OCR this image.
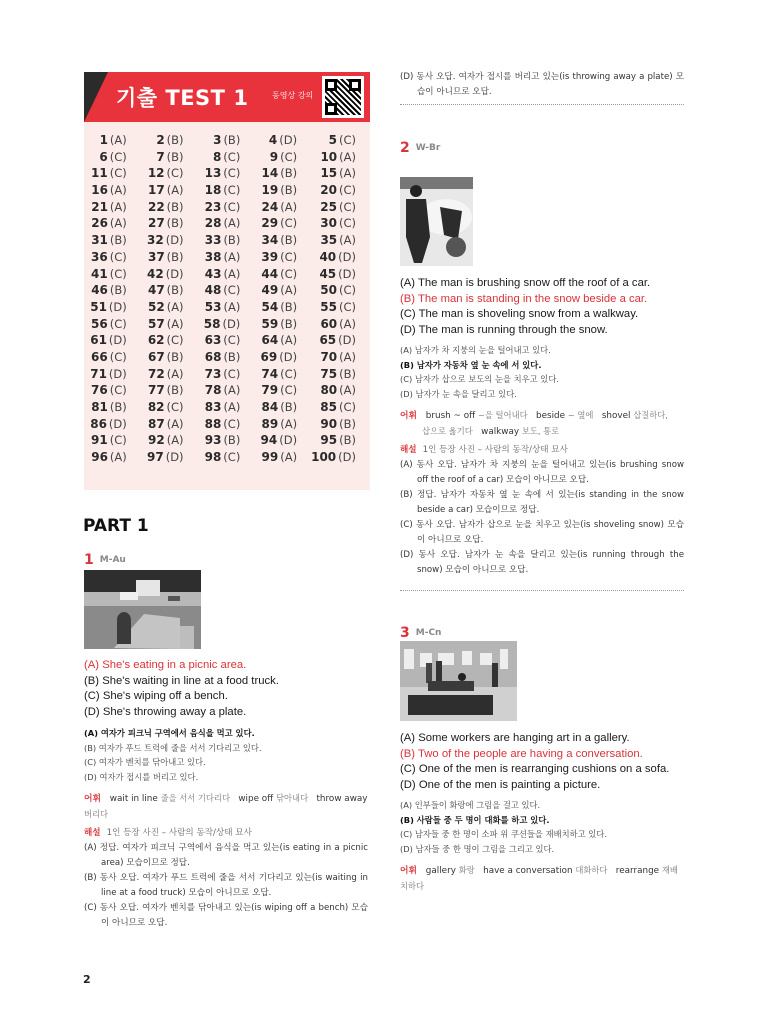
기출 TEST 1	동영상 강의
1 (A)	2 (B)	3 (B)	4 (D)	5 (C)
6 (C)	7 (B)	8 (C)	9 (C)	10 (A)
11 (C)	12 (C)	13 (C)	14 (B)	15 (A)
16 (A)	17 (A)	18 (C)	19 (B)	20 (C)
21 (A)	22 (B)	23 (C)	24 (A)	25 (C)
26 (A)	27 (B)	28 (A)	29 (C)	30 (C)
31 (B)	32 (D)	33 (B)	34 (B)	35 (A)
36 (C)	37 (B)	38 (A)	39 (C)	40 (D)
41 (C)	42 (D)	43 (A)	44 (C)	45 (D)
46 (B)	47 (B)	48 (C)	49 (A)	50 (C)
51 (D)	52 (A)	53 (A)	54 (B)	55 (C)
56 (C)	57 (A)	58 (D)	59 (B)	60 (A)
61 (D)	62 (C)	63 (C)	64 (A)	65 (D)
66 (C)	67 (B)	68 (B)	69 (D)	70 (A)
71 (D)	72 (A)	73 (C)	74 (C)	75 (B)
76 (C)	77 (B)	78 (A)	79 (C)	80 (A)
81 (B)	82 (C)	83 (A)	84 (B)	85 (C)
86 (D)	87 (A)	88 (C)	89 (A)	90 (B)
91 (C)	92 (A)	93 (B)	94 (D)	95 (B)
96 (A)	97 (D)	98 (C)	99 (A)	100 (D)
PART 1
1 M-Au
(A) She's eating in a picnic area.
(B) She's waiting in line at a food truck.
(C) She's wiping off a bench.
(D) She's throwing away a plate.
(A) 여자가 피크닉 구역에서 음식을 먹고 있다.
(B) 여자가 푸드 트럭에 줄을 서서 기다리고 있다.
(C) 여자가 벤치를 닦아내고 있다.
(D) 여자가 접시를 버리고 있다.
어휘 wait in line 줄을 서서 기다리다 wipe off 닦아내다 throw away 버리다
해설 1인 등장 사진 – 사람의 동작/상태 묘사
(A) 정답. 여자가 피크닉 구역에서 음식을 먹고 있는(is eating in a picnic area) 모습이므로 정답.
(B) 동사 오답. 여자가 푸드 트럭에 줄을 서서 기다리고 있는(is waiting in line at a food truck) 모습이 아니므로 오답.
(C) 동사 오답. 여자가 벤치를 닦아내고 있는(is wiping off a bench) 모습이 아니므로 오답.
2
(D) 동사 오답. 여자가 접시를 버리고 있는(is throwing away a plate) 모습이 아니므로 오답.
2 W-Br
(A) The man is brushing snow off the roof of a car.
(B) The man is standing in the snow beside a car.
(C) The man is shoveling snow from a walkway.
(D) The man is running through the snow.
(A) 남자가 차 지붕의 눈을 털어내고 있다.
(B) 남자가 자동차 옆 눈 속에 서 있다.
(C) 남자가 삽으로 보도의 눈을 치우고 있다.
(D) 남자가 눈 속을 달리고 있다.
어휘 brush ~ off ~을 털어내다 beside ~ 옆에 shovel 삽질하다,
삽으로 옮기다 walkway 보도, 통로
해설 1인 등장 사진 – 사람의 동작/상태 묘사
(A) 동사 오답. 남자가 차 지붕의 눈을 털어내고 있는(is brushing snow off the roof of a car) 모습이 아니므로 오답.
(B) 정답. 남자가 자동차 옆 눈 속에 서 있는(is standing in the snow beside a car) 모습이므로 정답.
(C) 동사 오답. 남자가 삽으로 눈을 치우고 있는(is shoveling snow) 모습이 아니므로 오답.
(D) 동사 오답. 남자가 눈 속을 달리고 있는(is running through the snow) 모습이 아니므로 오답.
3 M-Cn
(A) Some workers are hanging art in a gallery.
(B) Two of the people are having a conversation.
(C) One of the men is rearranging cushions on a sofa.
(D) One of the men is painting a picture.
(A) 인부들이 화랑에 그림을 걸고 있다.
(B) 사람들 중 두 명이 대화를 하고 있다.
(C) 남자들 중 한 명이 소파 위 쿠션들을 재배치하고 있다.
(D) 남자들 중 한 명이 그림을 그리고 있다.
어휘 gallery 화랑 have a conversation 대화하다 rearrange 재배치하다
